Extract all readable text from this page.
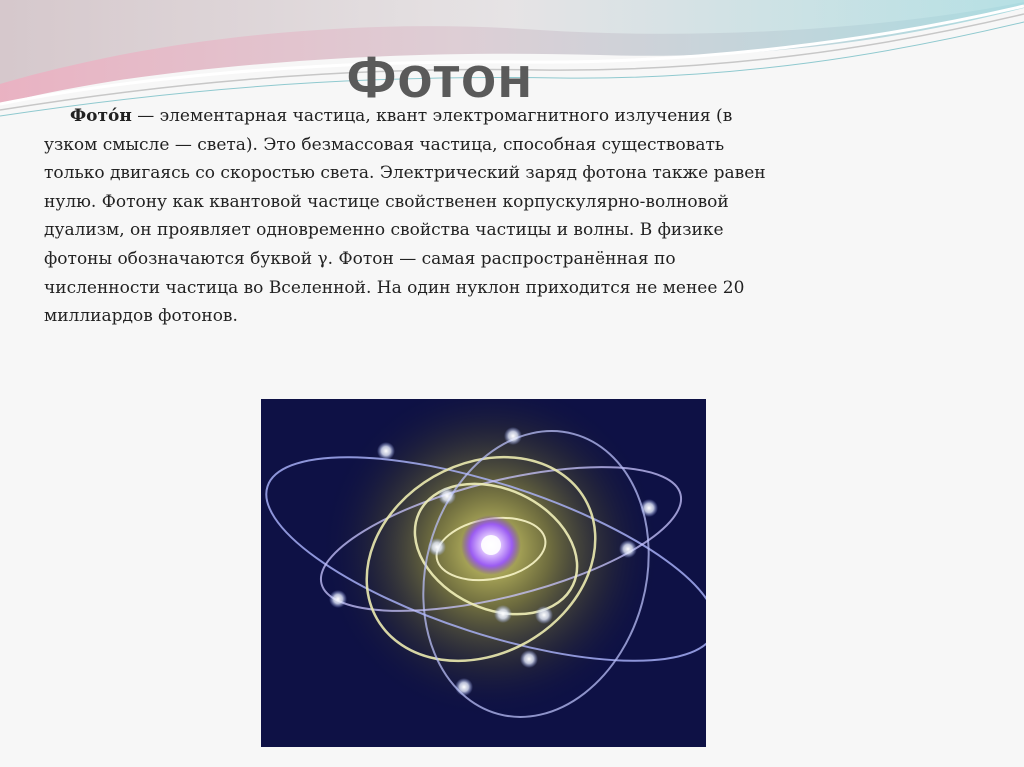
Фотон

Фото́н — элементарная частица, квант электромагнитного излучения (в узком смысле — света). Это безмассовая частица, способная существовать только двигаясь со скоростью света. Электрический заряд фотона также равен нулю. Фотону как квантовой частице свойственен корпускулярно-волновой дуализм, он проявляет одновременно свойства частицы и волны. В физике фотоны обозначаются буквой γ. Фотон — самая распространённая по численности частица во Вселенной. На один нуклон приходится не менее 20 миллиардов фотонов.
